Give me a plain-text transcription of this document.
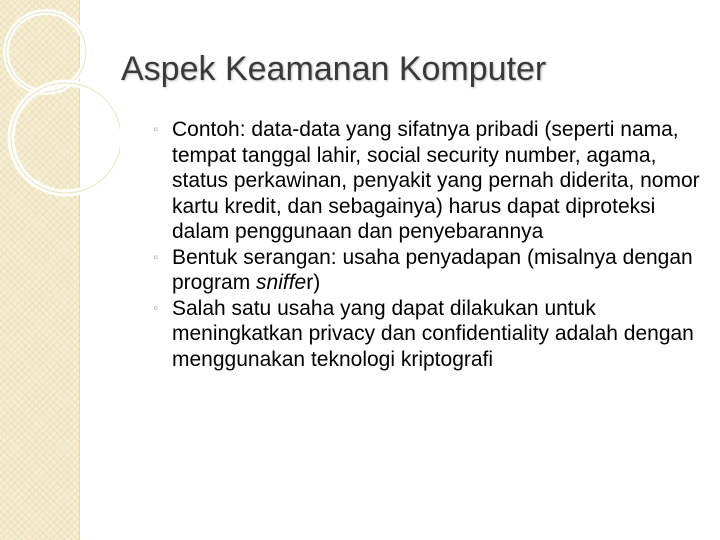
Aspek Keamanan Komputer
◦ Contoh: data-data yang sifatnya pribadi (seperti nama, tempat tanggal lahir, social security number, agama, status perkawinan, penyakit yang pernah diderita, nomor kartu kredit, dan sebagainya) harus dapat diproteksi dalam penggunaan dan penyebarannya
◦ Bentuk serangan: usaha penyadapan (misalnya dengan program sniffer)
◦ Salah satu usaha yang dapat dilakukan untuk meningkatkan privacy dan confidentiality adalah dengan menggunakan teknologi kriptografi
